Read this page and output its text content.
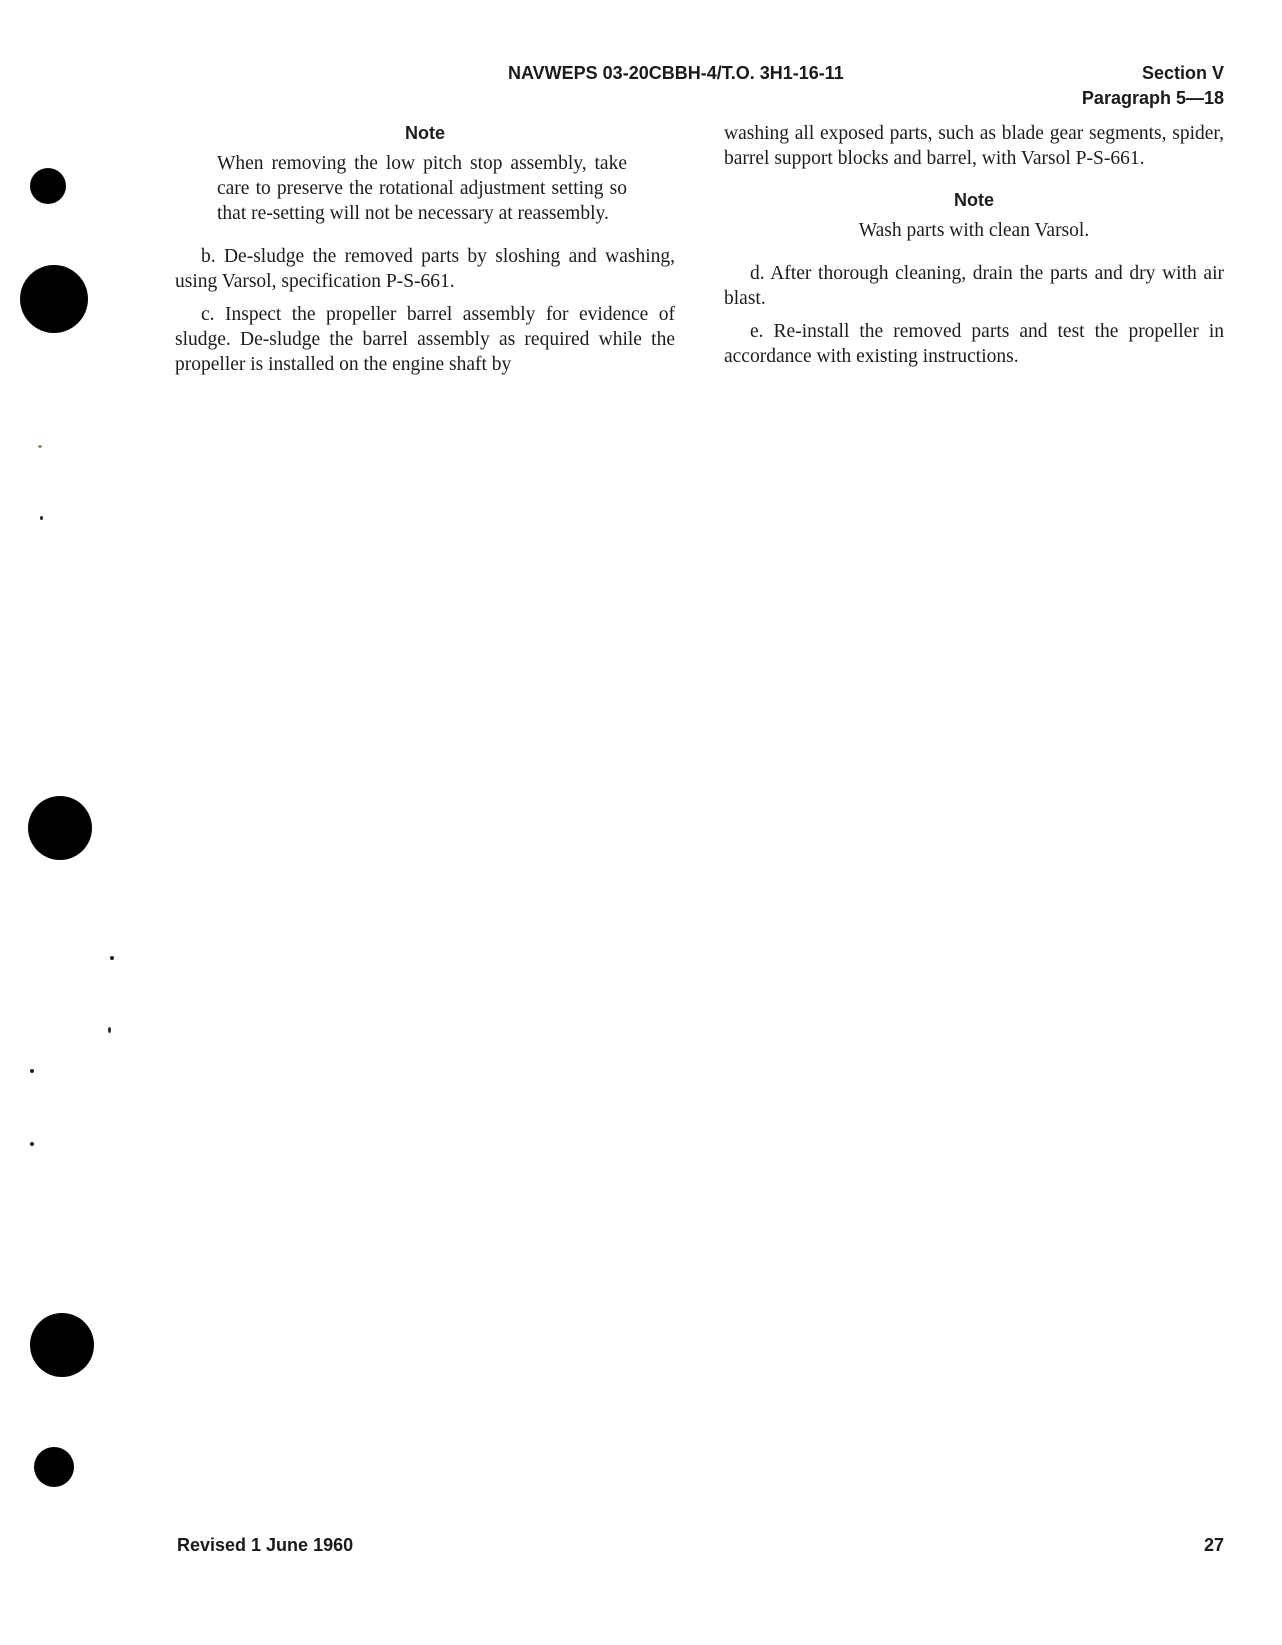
NAVWEPS 03-20CBBH-4/T.O. 3H1-16-11	Section V
Paragraph 5—18
Note
When removing the low pitch stop assembly, take care to preserve the rotational adjustment setting so that re-setting will not be necessary at reassembly.

b. De-sludge the removed parts by sloshing and washing, using Varsol, specification P-S-661.

c. Inspect the propeller barrel assembly for evidence of sludge. De-sludge the barrel assembly as required while the propeller is installed on the engine shaft by

washing all exposed parts, such as blade gear segments, spider, barrel support blocks and barrel, with Varsol P-S-661.

Note
Wash parts with clean Varsol.

d. After thorough cleaning, drain the parts and dry with air blast.

e. Re-install the removed parts and test the propeller in accordance with existing instructions.

Revised 1 June 1960	27
